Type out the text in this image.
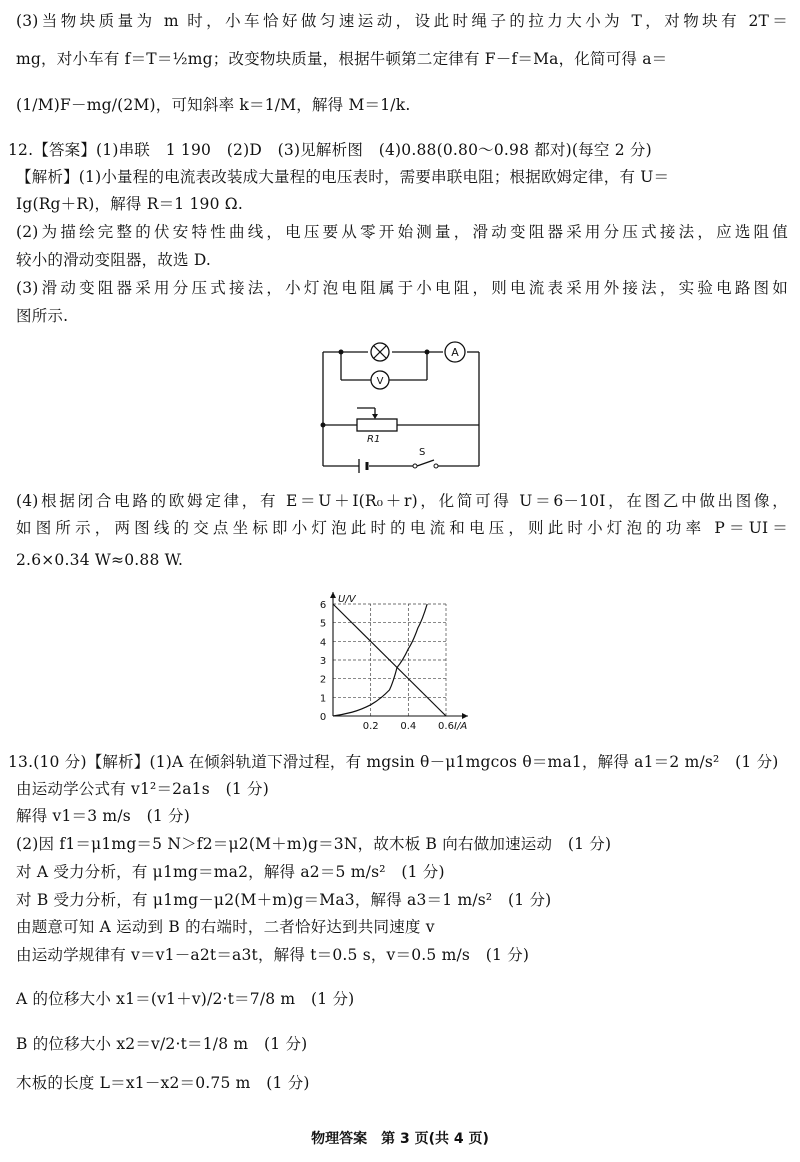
(3)当物块质量为 m 时，小车恰好做匀速运动，设此时绳子的拉力大小为 T，对物块有 2T＝
mg，对小车有 f＝T＝½mg；改变物块质量，根据牛顿第二定律有 F－f＝Ma，化简可得 a＝
(1/M)F－mg/(2M)，可知斜率 k＝1/M，解得 M＝1/k.
12.【答案】(1)串联　1 190　(2)D　(3)见解析图　(4)0.88(0.80～0.98 都对)(每空 2 分)
【解析】(1)小量程的电流表改装成大量程的电压表时，需要串联电阻；根据欧姆定律，有 U＝
Ig(Rg＋R)，解得 R＝1 190 Ω.
(2)为描绘完整的伏安特性曲线，电压要从零开始测量，滑动变阻器采用分压式接法，应选阻值
较小的滑动变阻器，故选 D.
(3)滑动变阻器采用分压式接法，小灯泡电阻属于小电阻，则电流表采用外接法，实验电路图如
图所示.
A
V
R1
S
(4)根据闭合电路的欧姆定律，有 E＝U＋I(R₀＋r)，化简可得 U＝6－10I，在图乙中做出图像，
如图所示，两图线的交点坐标即小灯泡此时的电流和电压，则此时小灯泡的功率 P＝UI＝
2.6×0.34 W≈0.88 W.
0
1
2
3
4
5
6
0.2 0.4 0.6
U/V
I/A
13.(10 分)【解析】(1)A 在倾斜轨道下滑过程，有 mgsin θ－μ1mgcos θ＝ma1，解得 a1＝2 m/s²　(1 分)
由运动学公式有 v1²＝2a1s　(1 分)
解得 v1＝3 m/s　(1 分)
(2)因 f1＝μ1mg＝5 N＞f2＝μ2(M＋m)g＝3N，故木板 B 向右做加速运动　(1 分)
对 A 受力分析，有 μ1mg＝ma2，解得 a2＝5 m/s²　(1 分)
对 B 受力分析，有 μ1mg－μ2(M＋m)g＝Ma3，解得 a3＝1 m/s²　(1 分)
由题意可知 A 运动到 B 的右端时，二者恰好达到共同速度 v
由运动学规律有 v＝v1－a2t＝a3t，解得 t＝0.5 s，v＝0.5 m/s　(1 分)
A 的位移大小 x1＝(v1＋v)/2·t＝7/8 m　(1 分)
B 的位移大小 x2＝v/2·t＝1/8 m　(1 分)
木板的长度 L＝x1－x2＝0.75 m　(1 分)
物理答案　第 3 页(共 4 页)
